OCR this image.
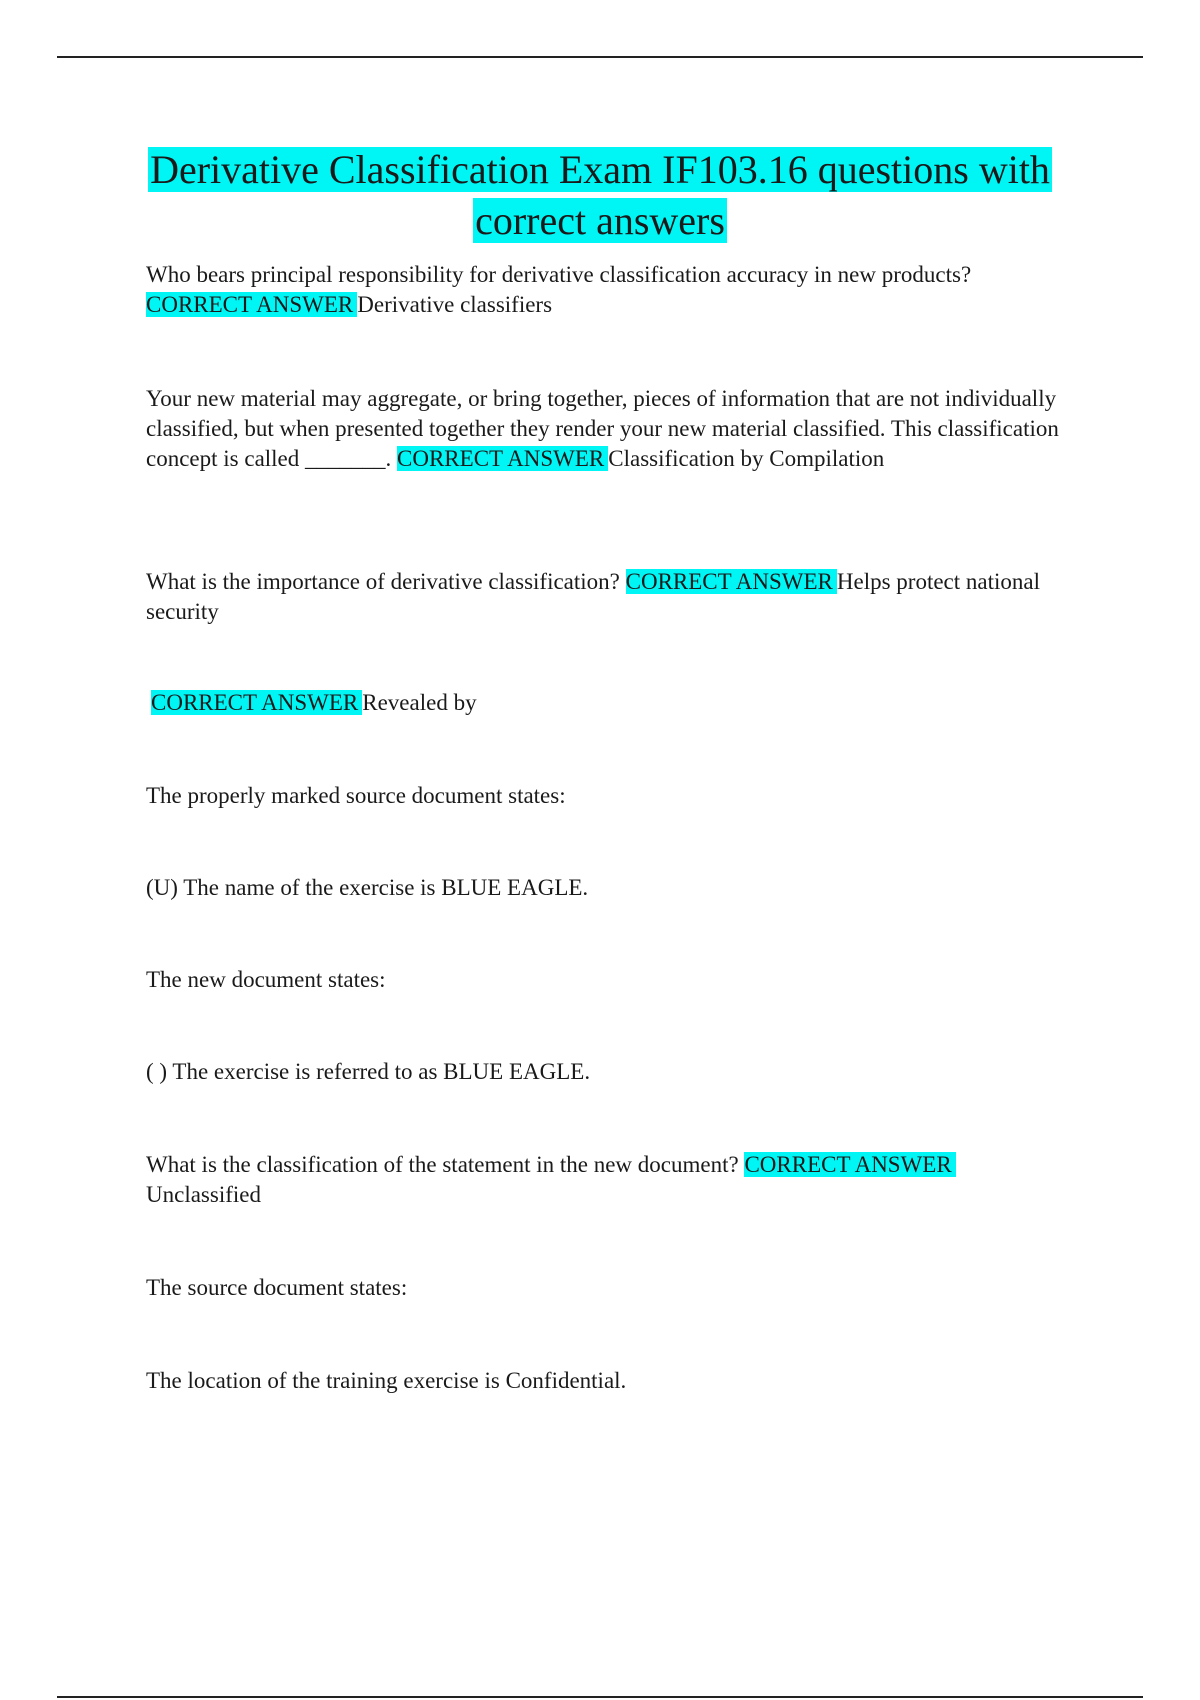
Derivative Classification Exam IF103.16 questions with
correct answers

Who bears principal responsibility for derivative classification accuracy in new products?
CORRECT ANSWER Derivative classifiers

Your new material may aggregate, or bring together, pieces of information that are not individually classified, but when presented together they render your new material classified. This classification concept is called _______. CORRECT ANSWER Classification by Compilation

What is the importance of derivative classification? CORRECT ANSWER Helps protect national security

CORRECT ANSWER Revealed by

The properly marked source document states:

(U) The name of the exercise is BLUE EAGLE.

The new document states:

( ) The exercise is referred to as BLUE EAGLE.

What is the classification of the statement in the new document? CORRECT ANSWER
Unclassified

The source document states:

The location of the training exercise is Confidential.
